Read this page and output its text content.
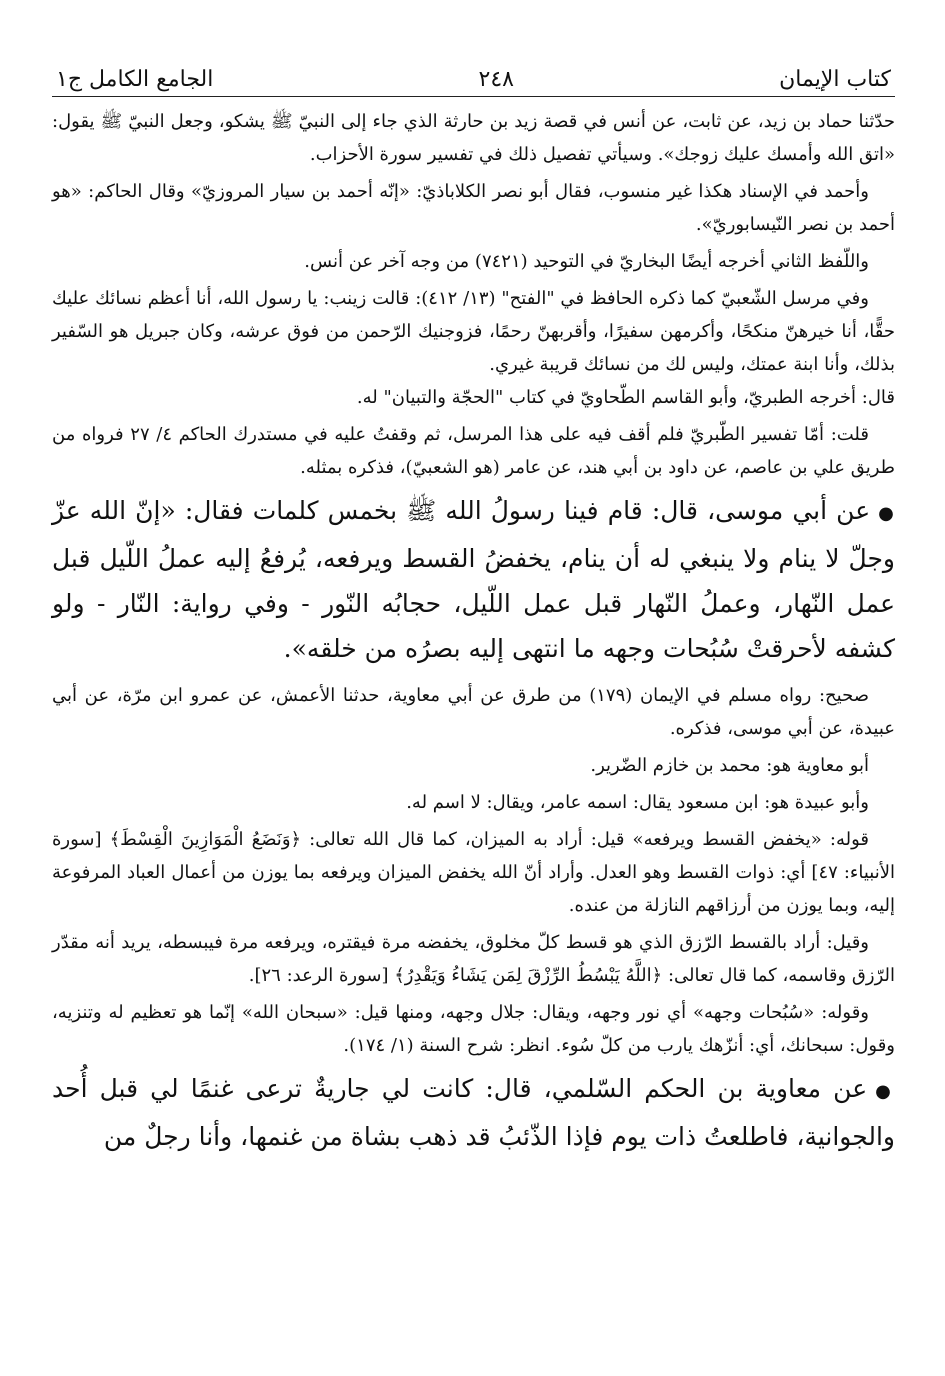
كتاب الإيمان
٢٤٨
الجامع الكامل ج١

حدّثنا حماد بن زيد، عن ثابت، عن أنس في قصة زيد بن حارثة الذي جاء إلى النبيّ ﷺ يشكو، وجعل النبيّ ﷺ يقول: «اتق الله وأمسك عليك زوجك». وسيأتي تفصيل ذلك في تفسير سورة الأحزاب.

وأحمد في الإسناد هكذا غير منسوب، فقال أبو نصر الكلاباذيّ: «إنّه أحمد بن سيار المروزيّ» وقال الحاكم: «هو أحمد بن نصر النّيسابوريّ».

واللّفظ الثاني أخرجه أيضًا البخاريّ في التوحيد (٧٤٢١) من وجه آخر عن أنس.

وفي مرسل الشّعبيّ كما ذكره الحافظ في "الفتح" (١٣/ ٤١٢): قالت زينب: يا رسول الله، أنا أعظم نسائك عليك حقًّا، أنا خيرهنّ منكحًا، وأكرمهن سفيرًا، وأقربهنّ رحمًا، فزوجنيك الرّحمن من فوق عرشه، وكان جبريل هو السّفير بذلك، وأنا ابنة عمتك، وليس لك من نسائك قريبة غيري.

قال: أخرجه الطبريّ، وأبو القاسم الطّحاويّ في كتاب "الحجّة والتبيان" له.

قلت: أمّا تفسير الطّبريّ فلم أقف فيه على هذا المرسل، ثم وقفتُ عليه في مستدرك الحاكم ٤/ ٢٧ فرواه من طريق علي بن عاصم، عن داود بن أبي هند، عن عامر (هو الشعبيّ)، فذكره بمثله.

●عن أبي موسى، قال: قام فينا رسولُ الله ﷺ بخمس كلمات فقال: «إنّ الله عزّ وجلّ لا ينام ولا ينبغي له أن ينام، يخفضُ القسط ويرفعه، يُرفعُ إليه عملُ اللّيل قبل عمل النّهار، وعملُ النّهار قبل عمل اللّيل، حجابُه النّور - وفي رواية: النّار - ولو كشفه لأحرقتْ سُبُحات وجهه ما انتهى إليه بصرُه من خلقه».

صحيح: رواه مسلم في الإيمان (١٧٩) من طرق عن أبي معاوية، حدثنا الأعمش، عن عمرو ابن مرّة، عن أبي عبيدة، عن أبي موسى، فذكره.

أبو معاوية هو: محمد بن خازم الضّرير.

وأبو عبيدة هو: ابن مسعود يقال: اسمه عامر، ويقال: لا اسم له.

قوله: «يخفض القسط ويرفعه» قيل: أراد به الميزان، كما قال الله تعالى: ﴿وَنَضَعُ الْمَوَازِينَ الْقِسْطَ﴾ [سورة الأنبياء: ٤٧] أي: ذوات القسط وهو العدل. وأراد أنّ الله يخفض الميزان ويرفعه بما يوزن من أعمال العباد المرفوعة إليه، وبما يوزن من أرزاقهم النازلة من عنده.

وقيل: أراد بالقسط الرّزق الذي هو قسط كلّ مخلوق، يخفضه مرة فيقتره، ويرفعه مرة فيبسطه، يريد أنه مقدّر الرّزق وقاسمه، كما قال تعالى: ﴿اللَّهُ يَبْسُطُ الرِّزْقَ لِمَن يَشَاءُ وَيَقْدِرُ﴾ [سورة الرعد: ٢٦].

وقوله: «سُبُحات وجهه» أي نور وجهه، ويقال: جلال وجهه، ومنها قيل: «سبحان الله» إنّما هو تعظيم له وتنزيه، وقول: سبحانك، أي: أنزّهك يارب من كلّ سُوء. انظر: شرح السنة (١/ ١٧٤).

●عن معاوية بن الحكم السّلمي، قال: كانت لي جاريةٌ ترعى غنمًا لي قبل أُحد والجوانية، فاطلعتُ ذات يوم فإذا الذّئبُ قد ذهب بشاة من غنمها، وأنا رجلٌ من
